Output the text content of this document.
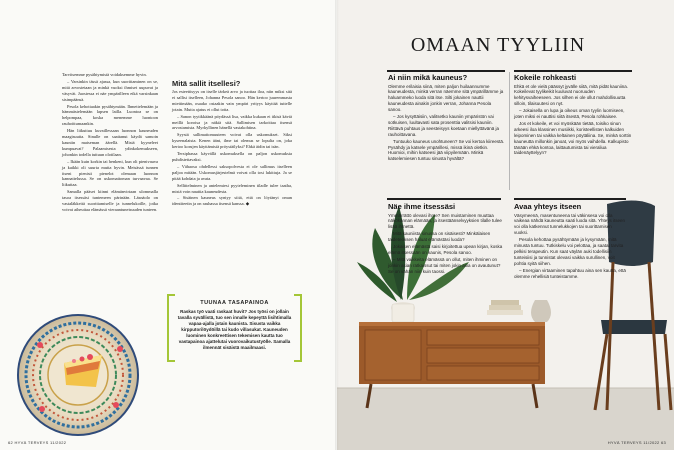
Tarvitsemme pysähtymistä voidaksemme hyvin.

– Varsinkin tässä ajassa, kun suorittaminen on se, mitä arvostetaan ja minkä vuoksi ihmiset uupuvat ja väsyvät. Juostessa ei näe ympärilleen eikä varsinkaan sisimpäänsä.

Pesola kehottaakin pysähtymään. Ihmettelemään ja hämmästelemään lapsen lailla. Luontoa se on helpompaa, koska menemme luontoon rauhoittumaankin.

Hän liikuttuu kuvaillessaan luonnon kauneuden maagisuutta. Sinulle on saattanut käydä samoin kauniin maiseman äärellä. Mistä kyyneleet kumpuavat? Palaamisesta ydinkokemukseen, johonkin todella tuttuun olotilaan.

– Ikään kuin korkin tai henkeni, kun oli pienivauva ja kaikki oli suurta mutta hyvin. Meisässä tunnen itseni pienisti pienelot olemaan luonnon kannattelussa. Se on uskomattoman turvaavaa. Se liikuttaa.

Samalla pääset kiinni elämänvirtaan ulommalla tasoa itsessäsi tuntemeen pärinään. Läsnäolo on vastaläkkeitä suorittamiselle ja tunnelukoille, jotka voivat aiheuttaa elämässä vieraantuneisuuden tunteen.

Mitä sallit itsellesi?

Jos esteettisyys on itselle tärkeä arvo ja tuottaa iloa, niin miksi sitä ei sallisi itselleen, Johanna Pesola sanoo. Hän kertoo juuremmasta miettimään, osaako ostaakin vain ympäri yrityys käyttää tuttelle jotain. Mutta ajatus ei ollut totta.

– Sanon tyytikkäänä pöydässä lisa, vaikka kukaan ei itkisä käviä meillä koroisa ja näkiä sitä. Sallimisen tarkoittaa itsensä arvostamista. Myrkyllinen hänellä vastakohtina.

Syystä sallimattomuuteen voivat olla uskomukset. Siksi kyseenalaista. Kenen äänt, ilme tai olemus se lopulta on, joka kertoo korujen käyttämisiä pröystäilyksi? Ehkä äidin tai isän.

Tersiphassa käyvällä uskomuksella on paljon uskomuksia puhdistettavaksi.

– Vähaosa ohdellessi saksopolvesta ei ole sallimus itselleen paljoa mitään. Uskomusjärjestelmä voivat olla tosi lukittuja. Ja se pitää kohdata ja avata.

Sellittelminen ja antelemiesi pyyteleminen tiladle tulee taatha, mistä voin nauttia kauneudesta.

– Sisäinen kauneus syntyy siitä, että on löytänyt oman identiteetin ja on rauhassa itsensä kanssa. ◆

TUUNAA TASAPAINOA

Raskas työ vaati raskaat huvit? Jos työsi on jollain tavalla syvällistä, tuo sen innalle kepeyttä lisihtimalla vapaa-ajalla jotain kaunista. Sisusta vaikka kirpputorilöydöillä tai kudo villasukat. Kauneuden luominen konkreettisen tekemisen kautta tuo vastapainoa ajattelutai vuorovaikutustyölle. Samalla ilmennät sisäistä maailmaasi.

62 HYVÄ TERVEYS 11/2022
OMAAN TYYLIIN
Ai niin mikä kauneus?

Olemme erilaisia siinä, miten paljon huilaannumme kauneudesta, minkä verran näemme sitä ympärillämme ja haluammeko luoda sitä itse. Silti jokainen nauttii kauneudesta ainakin jonkin verran, Johanna Pesola sanoo.

– Jos kysyttäisiin, valitsetko kauniin ympäristön vai sotkuisen, luultavasti sata prosenttia valitsisi kauniin. Riittävä puhtaus ja seesteisyys koetaan miellyttävänä ja rauhoittavana.

Tuntuuko kauneus unohtuneen? Se voi kertoa kiireestä. Pysähdy ja katsele ympärillesi, missä ikinä oletkin. Huomioi, mihin katseesi jää viipyilemään. Minkä katselemiesen tuntuu sinusta hyvältä?

Kokeile rohkeasti

Ehkä et ole vielä päässyt jyvälle siitä, mitä pidät kauniina. Kokeilevat tyylikeikit kuuluvat nuoruuden kehitysvaiheeseen. Jos silhen ei ole ollut mahdollisuutta silloin, tilaisuutesi on nyt.

– Jokaisella on lupa ja oikeus oman tyylin luomiseen, joten miksi ei nauttisi siitä itsestä, Pesola rohkaisee.

Jos et kokeile, et voi myöskään tietää, toisiko sinun arkeesi iloa klassinen musiikki, koristeellisten kalkuiden leipominen tai vaikka keltainen pöytäliina. Se, minkä sorttin kauneutta millonkin janoat, voi myös vaihdella. Kalkupisto tänään ehkä kontoa, laittautumista tai vieraliua taidenäyttelyyn?

Näe ihme itsessäsi

Ymmärrättö olevasi ihme? Sen muistaminen muuttaa näkökannan elämään, ja itsestäänselvyyksien tilalle tulee lisää ihmettä.

Mitä kauniista sinussa on sisäisesti? Minkälaisen taideteoksen haluat elämästäsi luoda?

Jokaisen elämästä saisi kirjoitettua upean kirjan, koska elämä itsessään on kaunis, Pesola sanoo.

– Mitä vaikkeita elämässä on ollut, miten ihminen on jonkin asian ratkaissut tai miten jokin asia on avautunut? Se on vähän niin kuin taossi.

Avaa yhteys itseen

Väsymeenä, masentuneena tai väkinsesa voi olla vaikeaa nähdä kauneutta saati luoda sitä. Yhteys itseen voi olla katkennut tunnelukkojen tai suorittamisen vuoksi.

Pesola kehottaa pysähtymään ja kysymään, mitä minusta tuntuu. Tutkiskelu voi pelottaa, ja saatat tarvita pelkisi terapeutin. Kun saat väylän auki todellisiin tunteisiisi ja tunnistat olevasi vaikka surullinen, voit pohtia syitä siihen.

– Energian virtaaminen tapahtuu aina sen kautta, että olemme rehellisiä tunteistamme.

HYVÄ TERVEYS 11/2022 63
